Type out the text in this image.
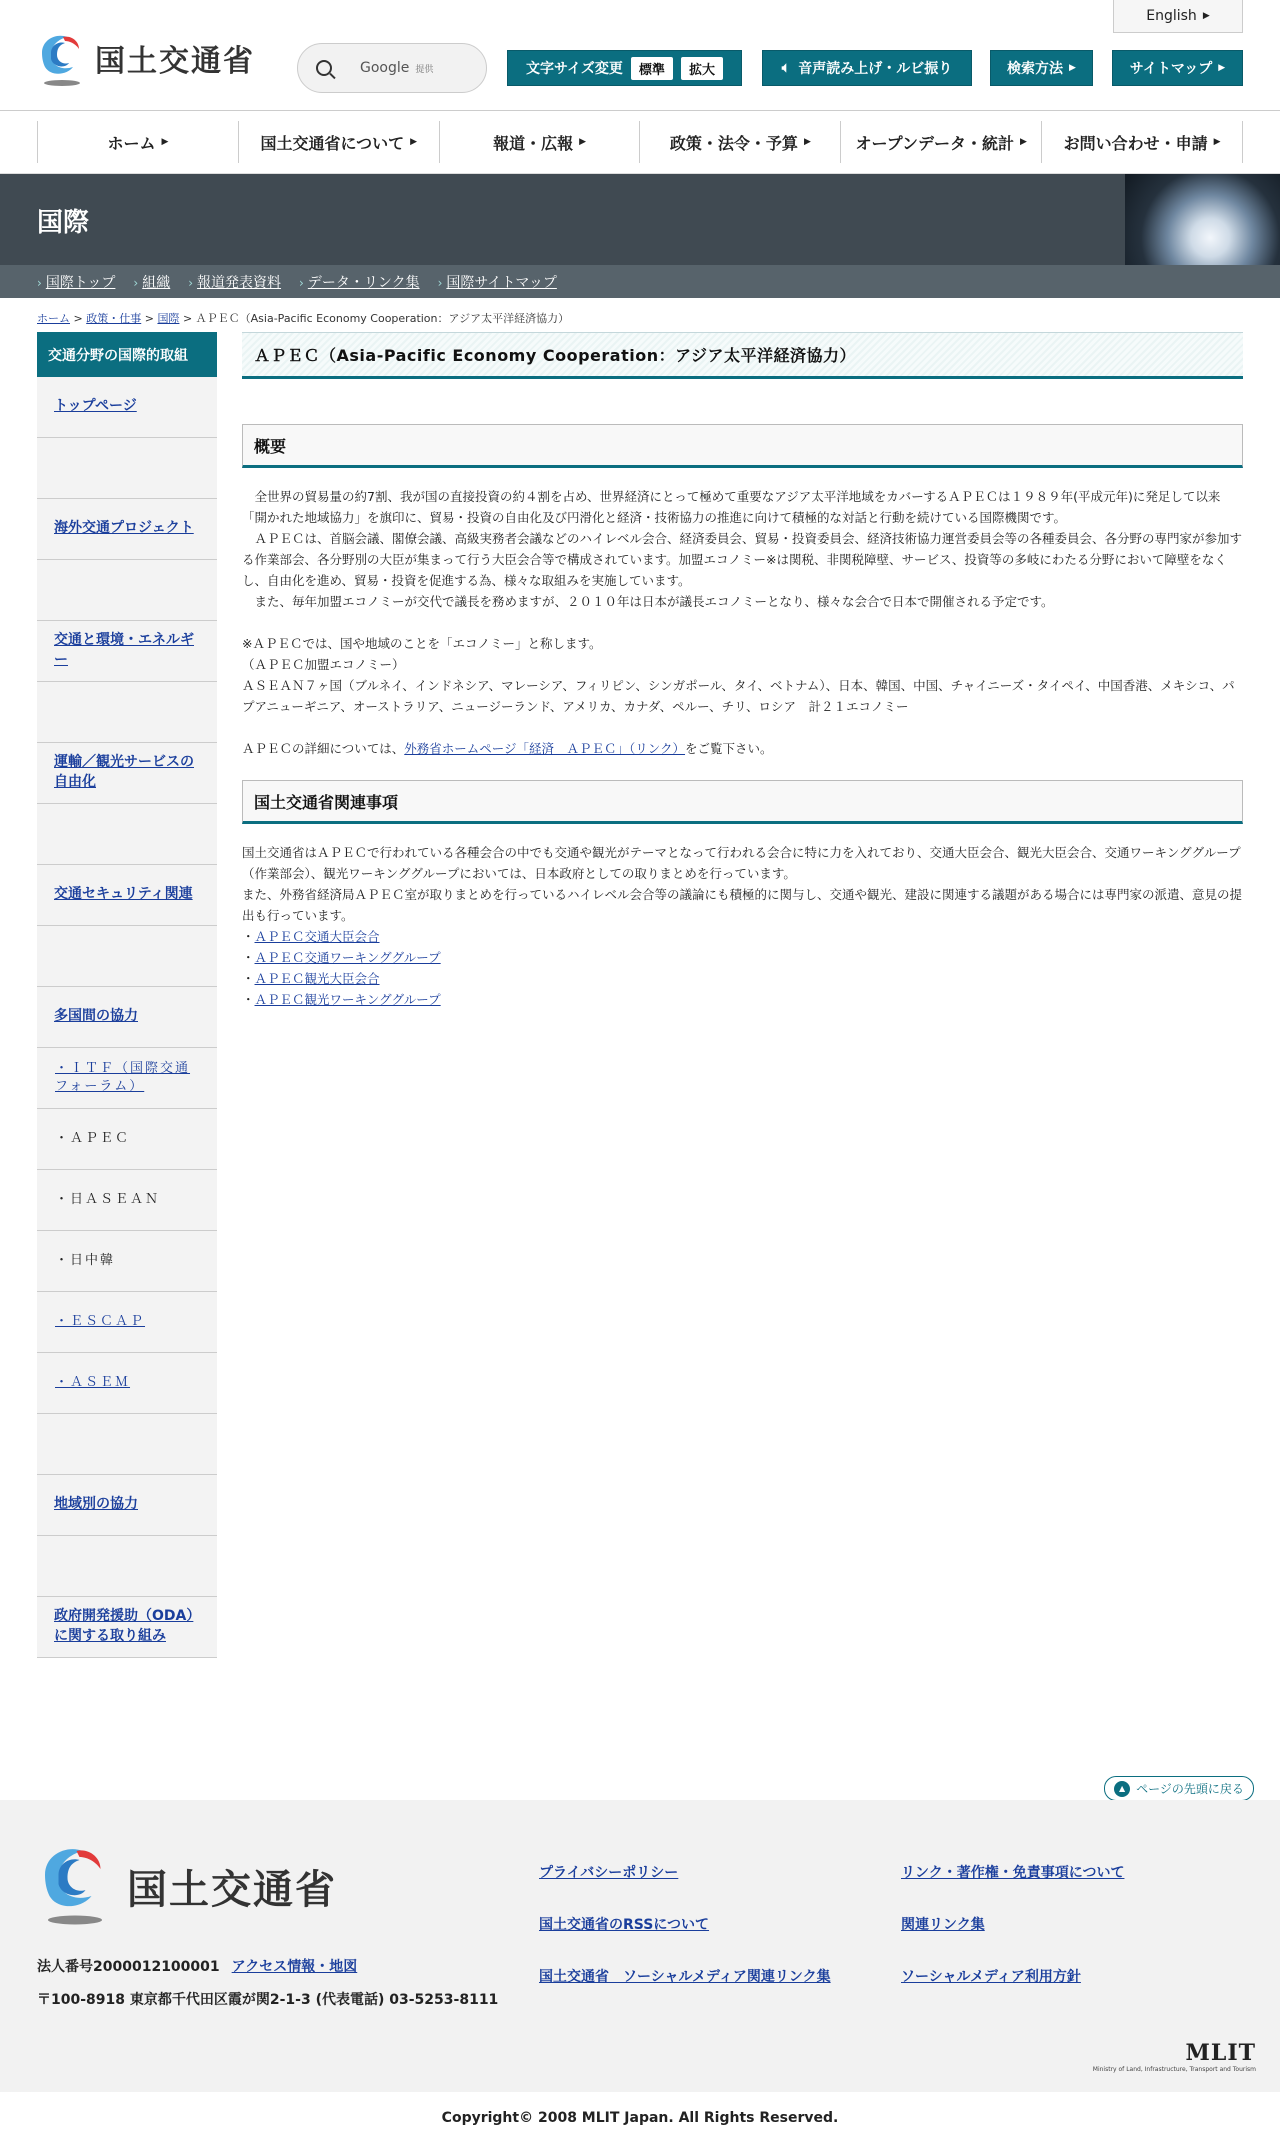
国土交通省	Google 提供
English ▶
文字サイズ変更	標準	拡大	🔈︎ 音声読み上げ・ルビ振り	検索方法 ▶	サイトマップ ▶
ホーム ▶	国土交通省について ▶	報道・広報 ▶	政策・法令・予算 ▶	オープンデータ・統計 ▶ お問い合わせ・申請 ▶
国際
› 国際トップ › 組織 › 報道発表資料 › データ・リンク集 › 国際サイトマップ
ホーム > 政策・仕事 > 国際 > ＡＰＥＣ（Asia-Pacific Economy Cooperation：アジア太平洋経済協力）
交通分野の国際的取組
トップページ
海外交通プロジェクト
交通と環境・エネルギー
運輸／観光サービスの自由化
交通セキュリティ関連
多国間の協力
・ＩＴＦ（国際交通フォーラム）
・ＡＰＥＣ
・日ＡＳＥＡＮ
・日中韓
・ＥＳＣＡＰ
・ＡＳＥＭ
地域別の協力
政府開発援助（ODA）に関する取り組み
ＡＰＥＣ（Asia-Pacific Economy Cooperation：アジア太平洋経済協力）
概要

　全世界の貿易量の約7割、我が国の直接投資の約４割を占め、世界経済にとって極めて重要なアジア太平洋地域をカバーするＡＰＥＣは１９８９年(平成元年)に発足して以来「開かれた地域協力」を旗印に、貿易・投資の自由化及び円滑化と経済・技術協力の推進に向けて積極的な対話と行動を続けている国際機関です。

　ＡＰＥＣは、首脳会議、閣僚会議、高級実務者会議などのハイレベル会合、経済委員会、貿易・投資委員会、経済技術協力運営委員会等の各種委員会、各分野の専門家が参加する作業部会、各分野別の大臣が集まって行う大臣会合等で構成されています。加盟エコノミー※は関税、非関税障壁、サービス、投資等の多岐にわたる分野において障壁をなくし、自由化を進め、貿易・投資を促進する為、様々な取組みを実施しています。

　また、毎年加盟エコノミーが交代で議長を務めますが、２０１０年は日本が議長エコノミーとなり、様々な会合で日本で開催される予定です。

※ＡＰＥＣでは、国や地域のことを「エコノミー」と称します。

（ＡＰＥＣ加盟エコノミー）

ＡＳＥＡＮ７ヶ国（ブルネイ、インドネシア、マレーシア、フィリピン、シンガポール、タイ、ベトナム）、日本、韓国、中国、チャイニーズ・タイペイ、中国香港、メキシコ、パプアニューギニア、オーストラリア、ニュージーランド、アメリカ、カナダ、ペルー、チリ、ロシア　計２１エコノミー

ＡＰＥＣの詳細については、外務省ホームページ「経済　ＡＰＥＣ」（リンク）をご覧下さい。

国土交通省関連事項

国土交通省はＡＰＥＣで行われている各種会合の中でも交通や観光がテーマとなって行われる会合に特に力を入れており、交通大臣会合、観光大臣会合、交通ワーキンググループ（作業部会）、観光ワーキンググループにおいては、日本政府としての取りまとめを行っています。

また、外務省経済局ＡＰＥＣ室が取りまとめを行っているハイレベル会合等の議論にも積極的に関与し、交通や観光、建設に関連する議題がある場合には専門家の派遣、意見の提出も行っています。

・ＡＰＥＣ交通大臣会合

・ＡＰＥＣ交通ワーキンググループ

・ＡＰＥＣ観光大臣会合

・ＡＰＥＣ観光ワーキンググループ

▲ ページの先頭に戻る
国土交通省
法人番号2000012100001 アクセス情報・地図
〒100-8918 東京都千代田区霞が関2-1-3 (代表電話) 03-5253-8111
プライバシーポリシー
国土交通省のRSSについて
国土交通省　ソーシャルメディア関連リンク集
リンク・著作権・免責事項について
関連リンク集
ソーシャルメディア利用方針
MLIT
Ministry of Land, Infrastructure, Transport and Tourism
Copyright© 2008 MLIT Japan. All Rights Reserved.
